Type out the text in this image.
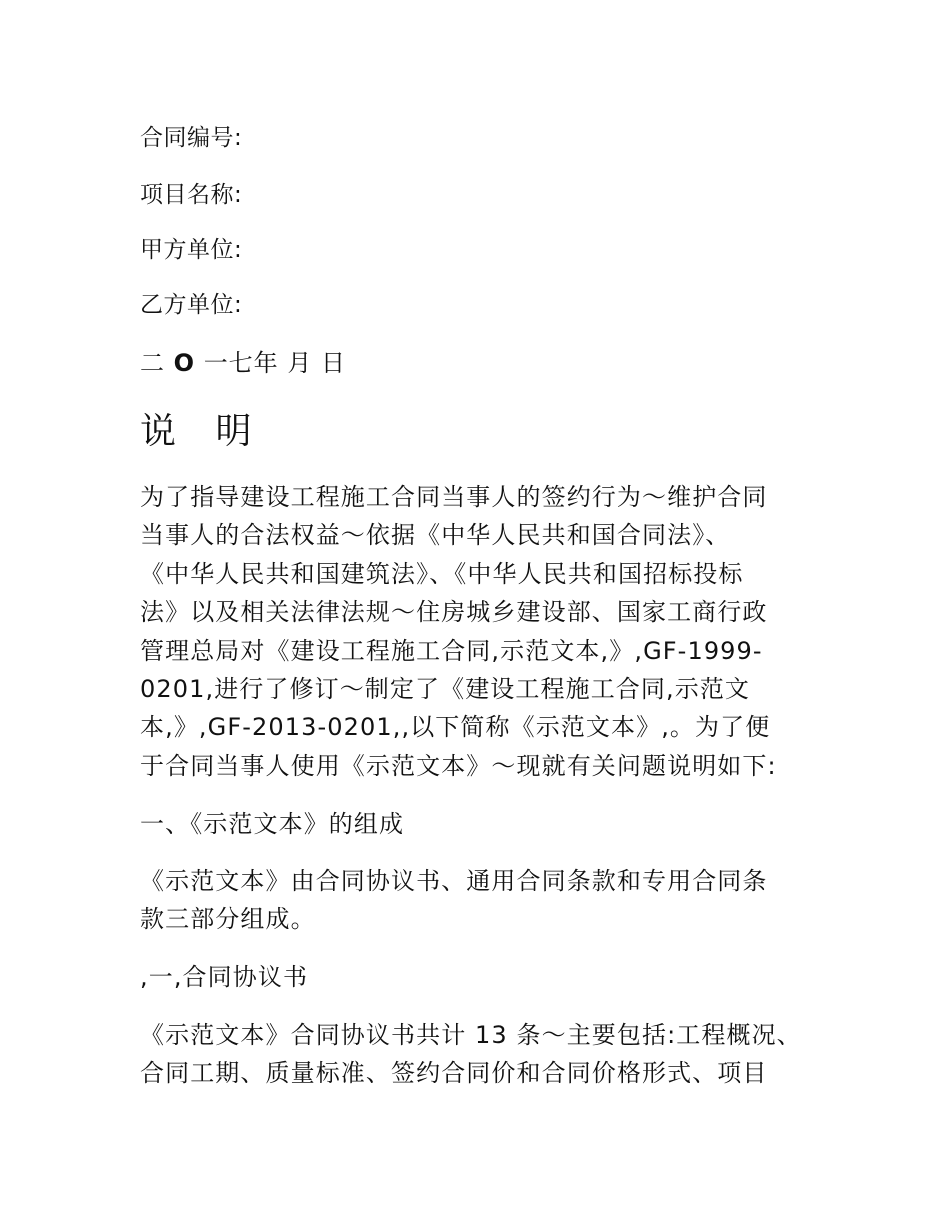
合同编号:
项目名称:
甲方单位:
乙方单位:
二 O 一七年 月 日
说 明

为了指导建设工程施工合同当事人的签约行为～维护合同
当事人的合法权益～依据《中华人民共和国合同法》、
《中华人民共和国建筑法》、《中华人民共和国招标投标
法》以及相关法律法规～住房城乡建设部、国家工商行政
管理总局对《建设工程施工合同,示范文本,》,GF-1999-
0201,进行了修订～制定了《建设工程施工合同,示范文
本,》,GF-2013-0201,,以下简称《示范文本》,。为了便
于合同当事人使用《示范文本》～现就有关问题说明如下:

一、《示范文本》的组成

《示范文本》由合同协议书、通用合同条款和专用合同条
款三部分组成。

,一,合同协议书

《示范文本》合同协议书共计 13 条～主要包括:工程概况、
合同工期、质量标准、签约合同价和合同价格形式、项目
